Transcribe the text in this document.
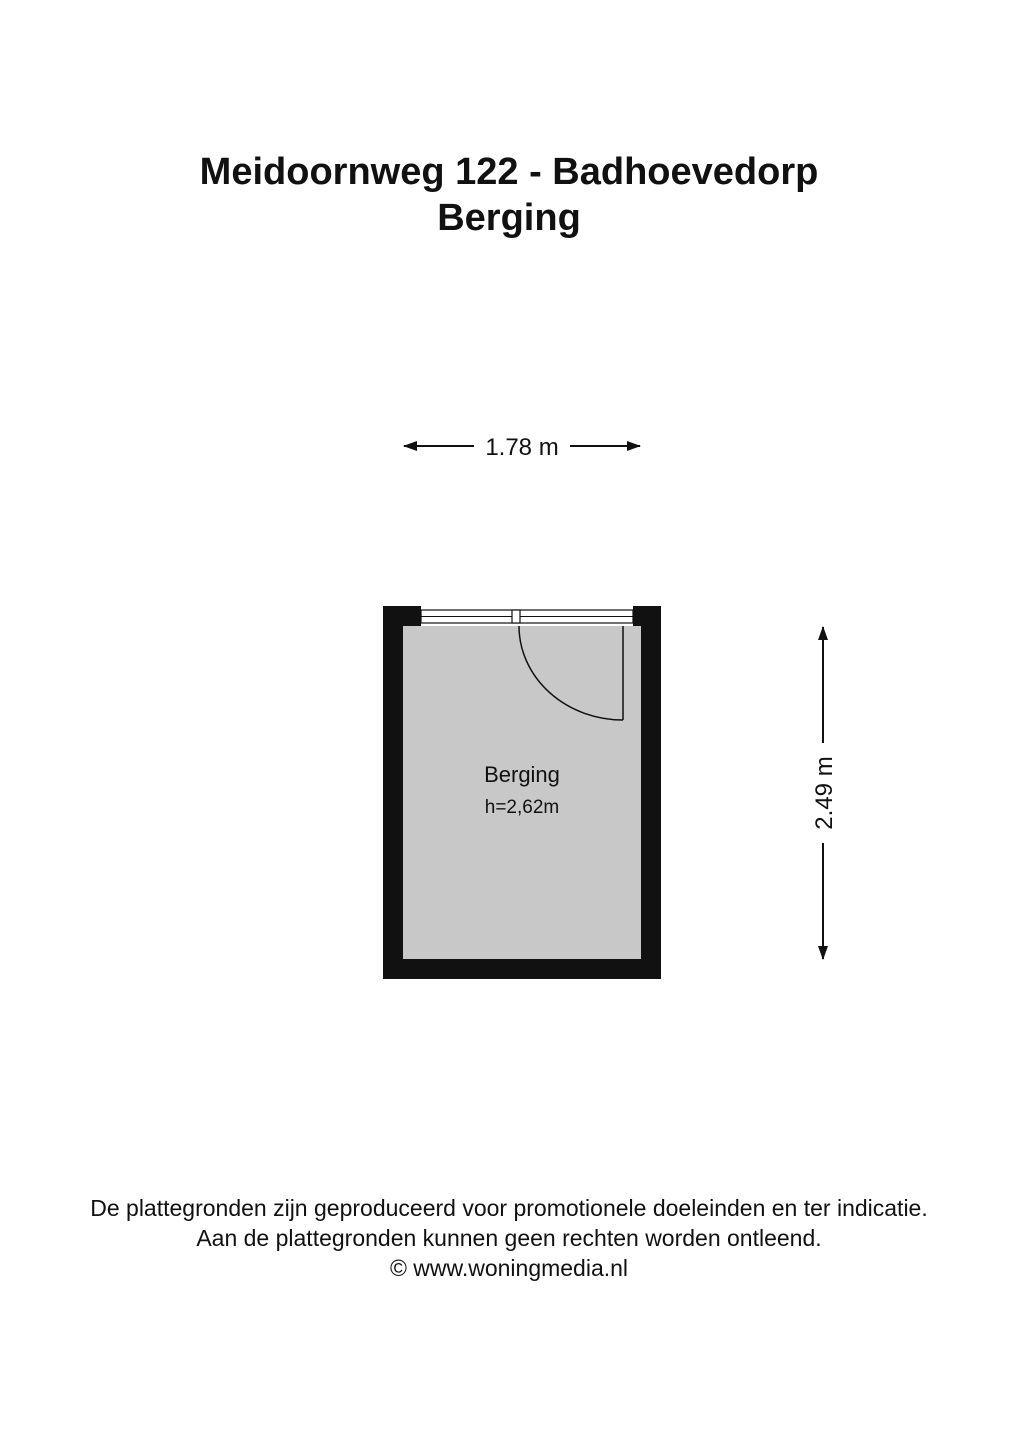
Meidoornweg 122 - Badhoevedorp
Berging
1.78 m
2.49 m
Berging
h=2,62m
De plattegronden zijn geproduceerd voor promotionele doeleinden en ter indicatie.
Aan de plattegronden kunnen geen rechten worden ontleend.
© www.woningmedia.nl
